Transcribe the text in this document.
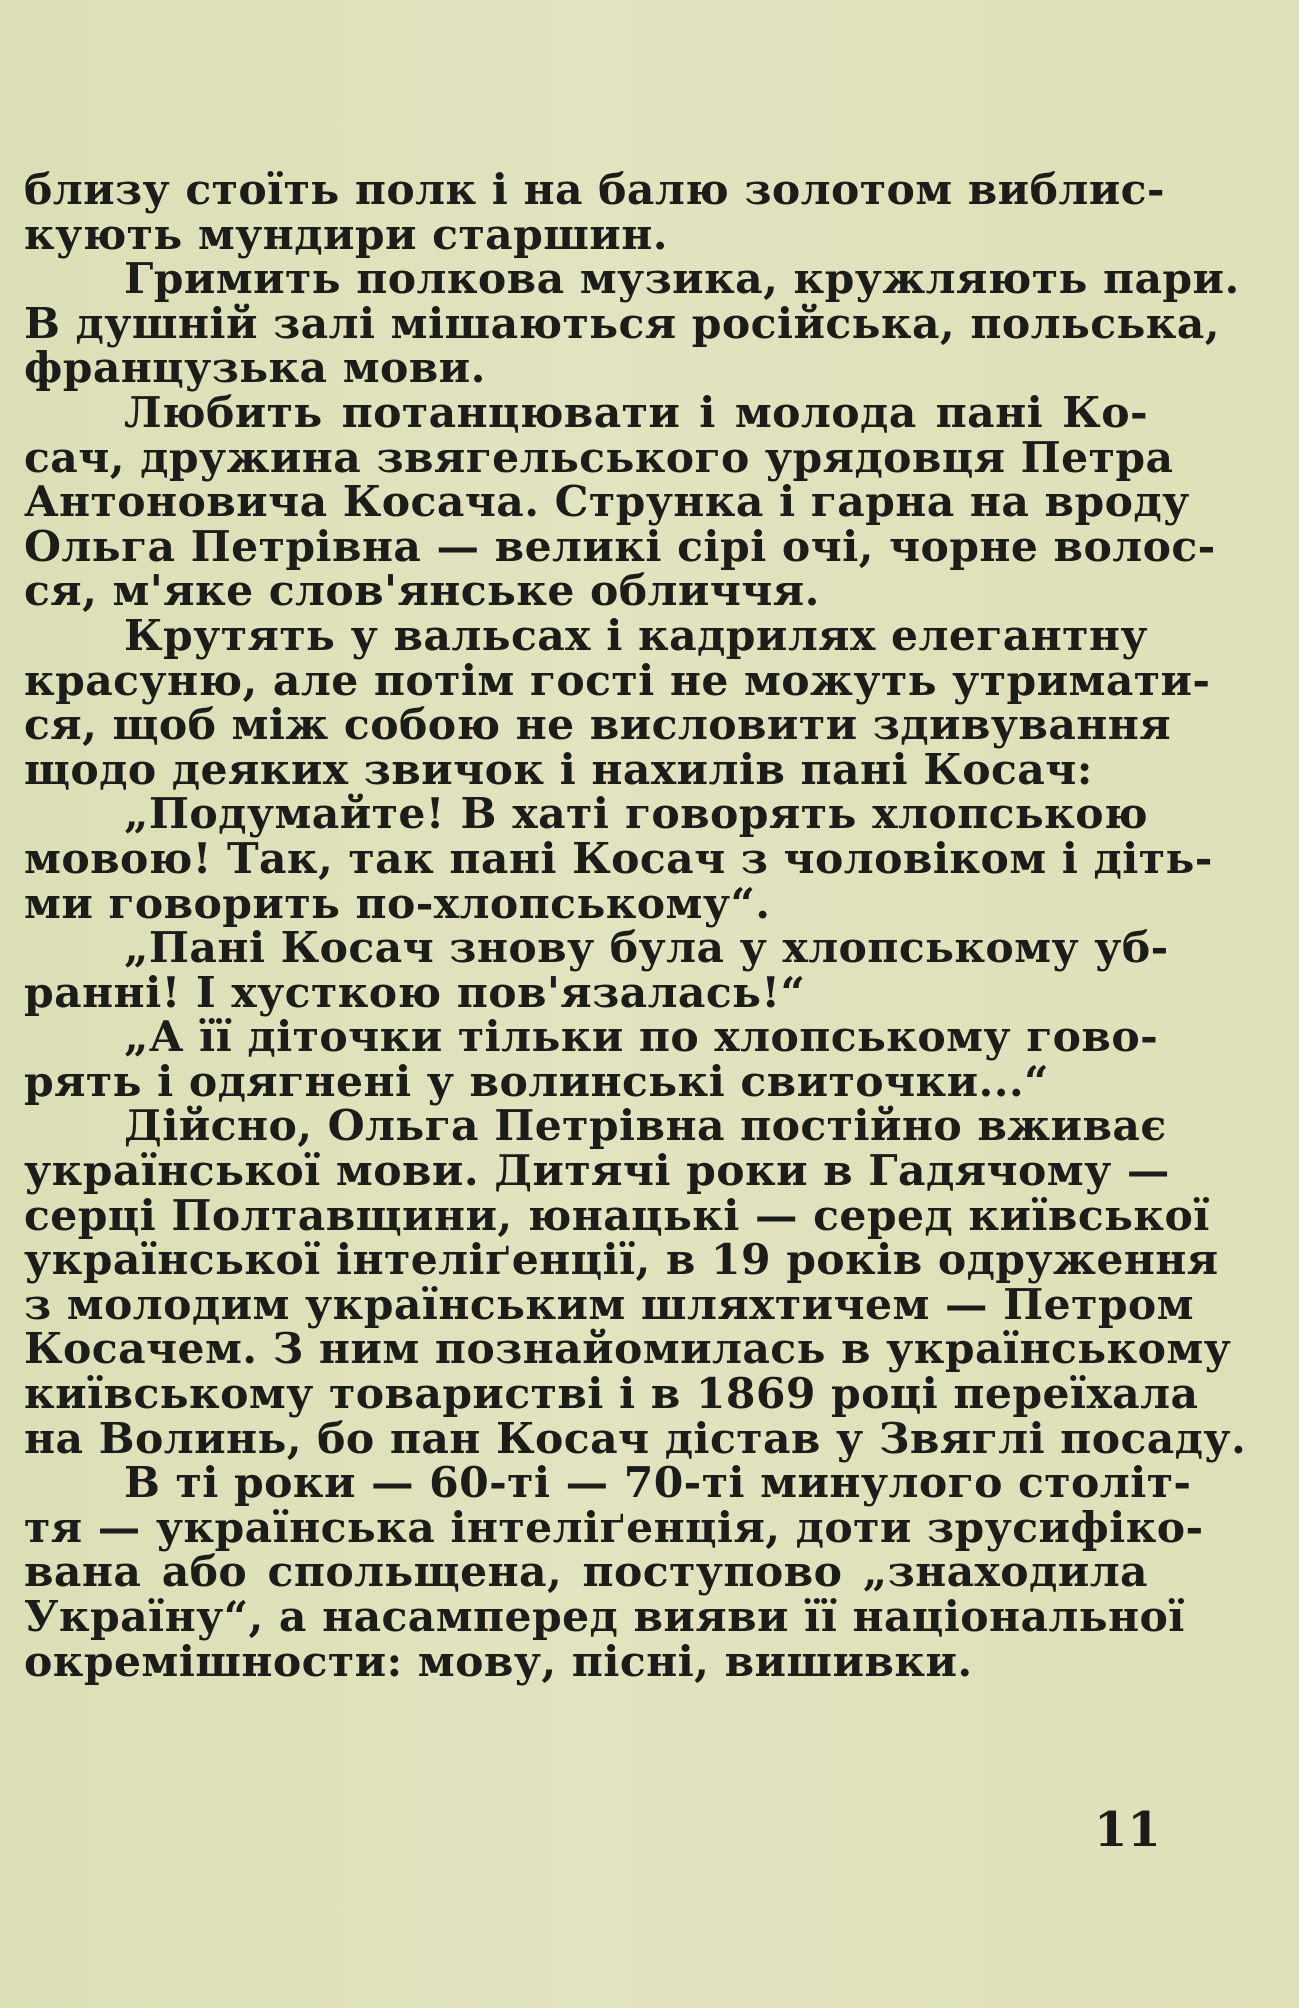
близу стоїть полк і на балю золотом виблис-
кують мундири старшин.
Гримить полкова музика, кружляють пари.
В душній залі мішаються російська, польська,
французька мови.
Любить потанцювати і молода пані Ко-
сач, дружина звягельського урядовця Петра
Антоновича Косача. Струнка і гарна на вроду
Ольга Петрівна — великі сірі очі, чорне волос-
ся, м'яке слов'янське обличчя.
Крутять у вальсах і кадрилях елегантну
красуню, але потім гості не можуть утримати-
ся, щоб між собою не висловити здивування
щодо деяких звичок і нахилів пані Косач:
„Подумайте! В хаті говорять хлопською
мовою! Так, так пані Косач з чоловіком і діть-
ми говорить по-хлопському“.
„Пані Косач знову була у хлопському уб-
ранні! І хусткою пов'язалась!“
„А її діточки тільки по хлопському гово-
рять і одягнені у волинські свиточки...“
Дійсно, Ольга Петрівна постійно вживає
української мови. Дитячі роки в Гадячому —
серці Полтавщини, юнацькі — серед київської
української інтеліґенції, в 19 років одруження
з молодим українським шляхтичем — Петром
Косачем. З ним познайомилась в українському
київському товаристві і в 1869 році переїхала
на Волинь, бо пан Косач дістав у Звяглі посаду.
В ті роки — 60-ті — 70-ті минулого століт-
тя — українська інтеліґенція, доти зрусифіко-
вана або спольщена, поступово „знаходила
Україну“, а насамперед вияви її національної
окремішности: мову, пісні, вишивки.
11
